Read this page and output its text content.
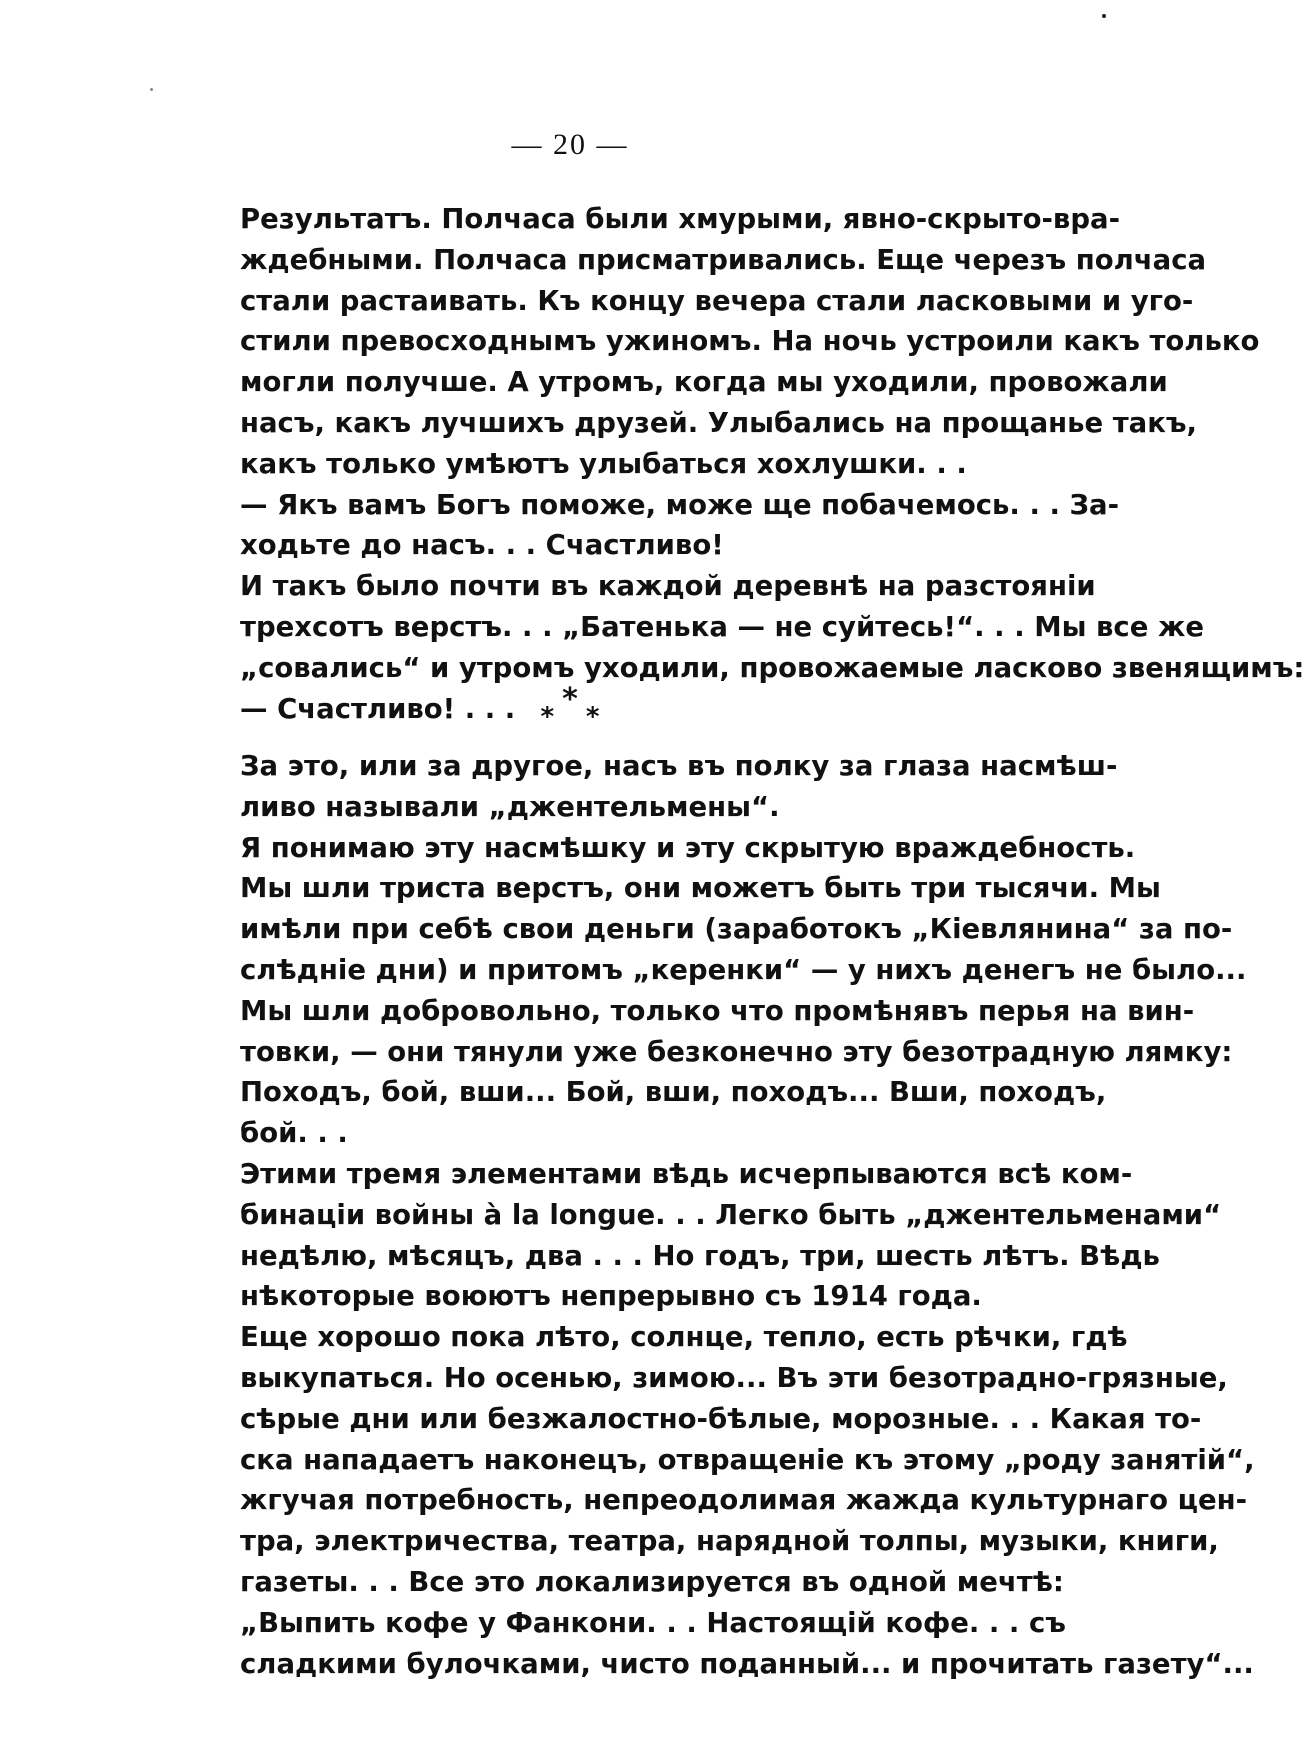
— 20 —

Результатъ. Полчаса были хмурыми, явно-скрыто-вра-
ждебными. Полчаса присматривались. Еще черезъ полчаса
стали растаивать. Къ концу вечера стали ласковыми и уго-
стили превосходнымъ ужиномъ. На ночь устроили какъ только
могли получше. А утромъ, когда мы уходили, провожали
насъ, какъ лучшихъ друзей. Улыбались на прощанье такъ,
какъ только умѣютъ улыбаться хохлушки. . .

— Якъ вамъ Богъ поможе, може ще побачемось. . . За-
ходьте до насъ. . . Счастливо!

И такъ было почти въ каждой деревнѣ на разстояніи
трехсотъ верстъ. . . „Батенька — не суйтесь!“. . . Мы все же
„совались“ и утромъ уходили, провожаемые ласково звенящимъ:

— Счастливо! . . . * * *

За это, или за другое, насъ въ полку за глаза насмѣш-
ливо называли „джентельмены“.

Я понимаю эту насмѣшку и эту скрытую враждебность.
Мы шли триста верстъ, они можетъ быть три тысячи. Мы
имѣли при себѣ свои деньги (заработокъ „Кіевлянина“ за по-
слѣдніе дни) и притомъ „керенки“ — у нихъ денегъ не было...
Мы шли добровольно, только что промѣнявъ перья на вин-
товки, — они тянули уже безконечно эту безотрадную лямку:

Походъ, бой, вши... Бой, вши, походъ... Вши, походъ,
бой. . .

Этими тремя элементами вѣдь исчерпываются всѣ ком-
бинаціи войны à la longue. . . Легко быть „джентельменами“
недѣлю, мѣсяцъ, два . . . Но годъ, три, шесть лѣтъ. Вѣдь
нѣкоторые воюютъ непрерывно съ 1914 года.

Еще хорошо пока лѣто, солнце, тепло, есть рѣчки, гдѣ
выкупаться. Но осенью, зимою... Въ эти безотрадно-грязные,
сѣрые дни или безжалостно-бѣлые, морозные. . . Какая то-
ска нападаетъ наконецъ, отвращеніе къ этому „роду занятій“,
жгучая потребность, непреодолимая жажда культурнаго цен-
тра, электричества, театра, нарядной толпы, музыки, книги,
газеты. . . Все это локализируется въ одной мечтѣ:

„Выпить кофе у Фанкони. . . Настоящій кофе. . . съ
сладкими булочками, чисто поданный... и прочитать газету“...
